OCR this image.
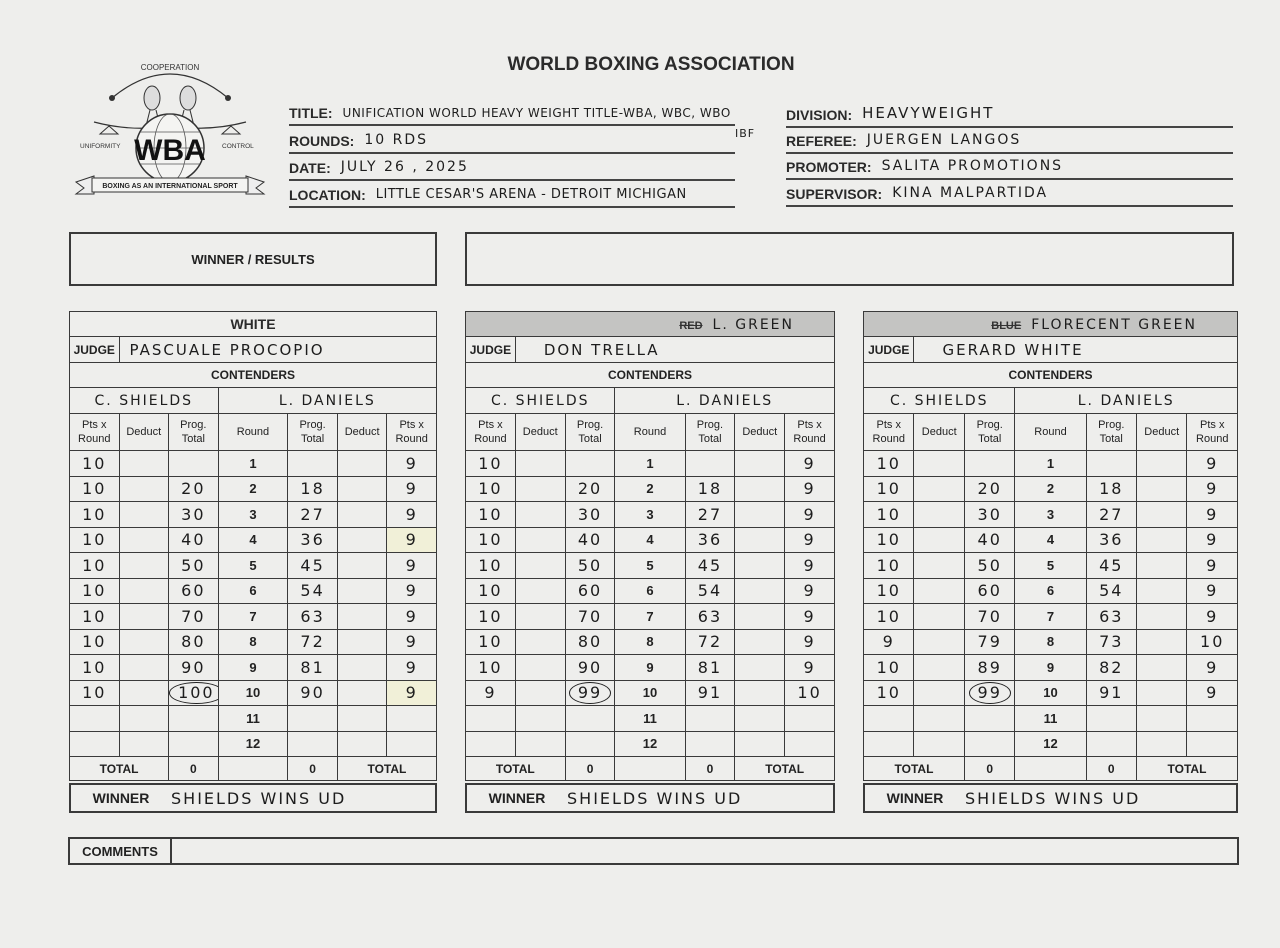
WORLD BOXING ASSOCIATION
COOPERATION
UNIFORMITY	CONTROL
WBA
BOXING AS AN INTERNATIONAL SPORT
TITLE: UNIFICATION WORLD HEAVY WEIGHT TITLE-WBA, WBC, WBO
IBF
ROUNDS: 10 RDS
DATE: JULY 26 , 2025
LOCATION: LITTLE CESAR'S ARENA - DETROIT MICHIGAN
DIVISION: HEAVYWEIGHT
REFEREE: JUERGEN LANGOS
PROMOTER: SALITA PROMOTIONS
SUPERVISOR: KINA MALPARTIDA
WINNER / RESULTS
WHITE						
JUDGE	PASCUALE PROCOPIO					
CONTENDERS						
C. SHIELDS			L. DANIELS			
Pts x Round	Deduct	Prog. Total	Round	Prog. Total	Deduct	Pts x Round
10			1			9
10		20	2	18		9
10		30	3	27		9
10		40	4	36		9
10		50	5	45		9
10		60	6	54		9
10		70	7	63		9
10		80	8	72		9
10		90	9	81		9
10		100	10	90		9
			11			
			12			
TOTAL		0		0	TOTAL	
WINNER	SHIELDS WINS UD
RED L. GREEN						
JUDGE	DON TRELLA					
CONTENDERS						
C. SHIELDS			L. DANIELS			
Pts x Round	Deduct	Prog. Total	Round	Prog. Total	Deduct	Pts x Round
10			1			9
10		20	2	18		9
10		30	3	27		9
10		40	4	36		9
10		50	5	45		9
10		60	6	54		9
10		70	7	63		9
10		80	8	72		9
10		90	9	81		9
9		99	10	91		10
			11			
			12			
TOTAL		0		0	TOTAL	
WINNER	SHIELDS WINS UD
BLUE FLORECENT GREEN						
JUDGE	GERARD WHITE					
CONTENDERS						
C. SHIELDS			L. DANIELS			
Pts x Round	Deduct	Prog. Total	Round	Prog. Total	Deduct	Pts x Round
10			1			9
10		20	2	18		9
10		30	3	27		9
10		40	4	36		9
10		50	5	45		9
10		60	6	54		9
10		70	7	63		9
9		79	8	73		10
10		89	9	82		9
10		99	10	91		9
			11			
			12			
TOTAL		0		0	TOTAL	
WINNER	SHIELDS WINS UD
COMMENTS
